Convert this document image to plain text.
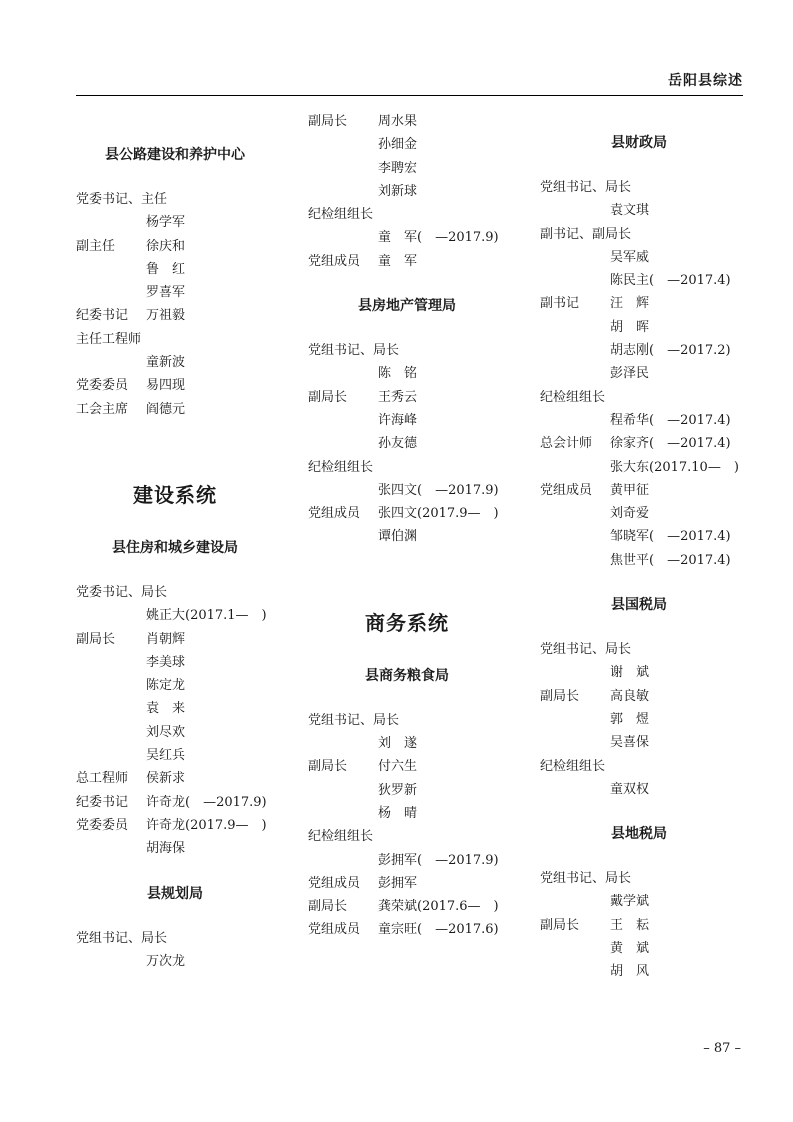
岳阳县综述
县公路建设和养护中心
党委书记、主任
杨学军
副主任 徐庆和
鲁　红
罗喜军
纪委书记 万祖毅
主任工程师
童新波
党委委员 易四现
工会主席 阎德元
建设系统
县住房和城乡建设局
党委书记、局长
姚正大(2017.1—　)
副局长 肖朝辉
李美球
陈定龙
袁　来
刘尽欢
吴红兵
总工程师 侯新求
纪委书记 许奇龙(　—2017.9)
党委委员 许奇龙(2017.9—　)
胡海保
县规划局
党组书记、局长
万次龙
副局长 周水果
孙细金
李聘宏
刘新球
纪检组组长
童　军(　—2017.9)
党组成员 童　军
县房地产管理局
党组书记、局长
陈　铭
副局长 王秀云
许海峰
孙友德
纪检组组长
张四文(　—2017.9)
党组成员 张四文(2017.9—　)
谭伯渊
商务系统
县商务粮食局
党组书记、局长
刘　遂
副局长 付六生
狄罗新
杨　晴
纪检组组长
彭拥军(　—2017.9)
党组成员 彭拥军
副局长 龚荣斌(2017.6—　)
党组成员 童宗旺(　—2017.6)
县财政局
党组书记、局长
袁文琪
副书记、副局长
吴军威
陈民主(　—2017.4)
副书记 汪　辉
胡　晖
胡志刚(　—2017.2)
彭泽民
纪检组组长
程希华(　—2017.4)
总会计师 徐家齐(　—2017.4)
张大东(2017.10—　)
党组成员 黄甲征
刘奇爱
邹晓军(　—2017.4)
焦世平(　—2017.4)
县国税局
党组书记、局长
谢　斌
副局长 高良敏
郭　煜
吴喜保
纪检组组长
童双权
县地税局
党组书记、局长
戴学斌
副局长 王　耘
黄　斌
胡　风
– 87 –
